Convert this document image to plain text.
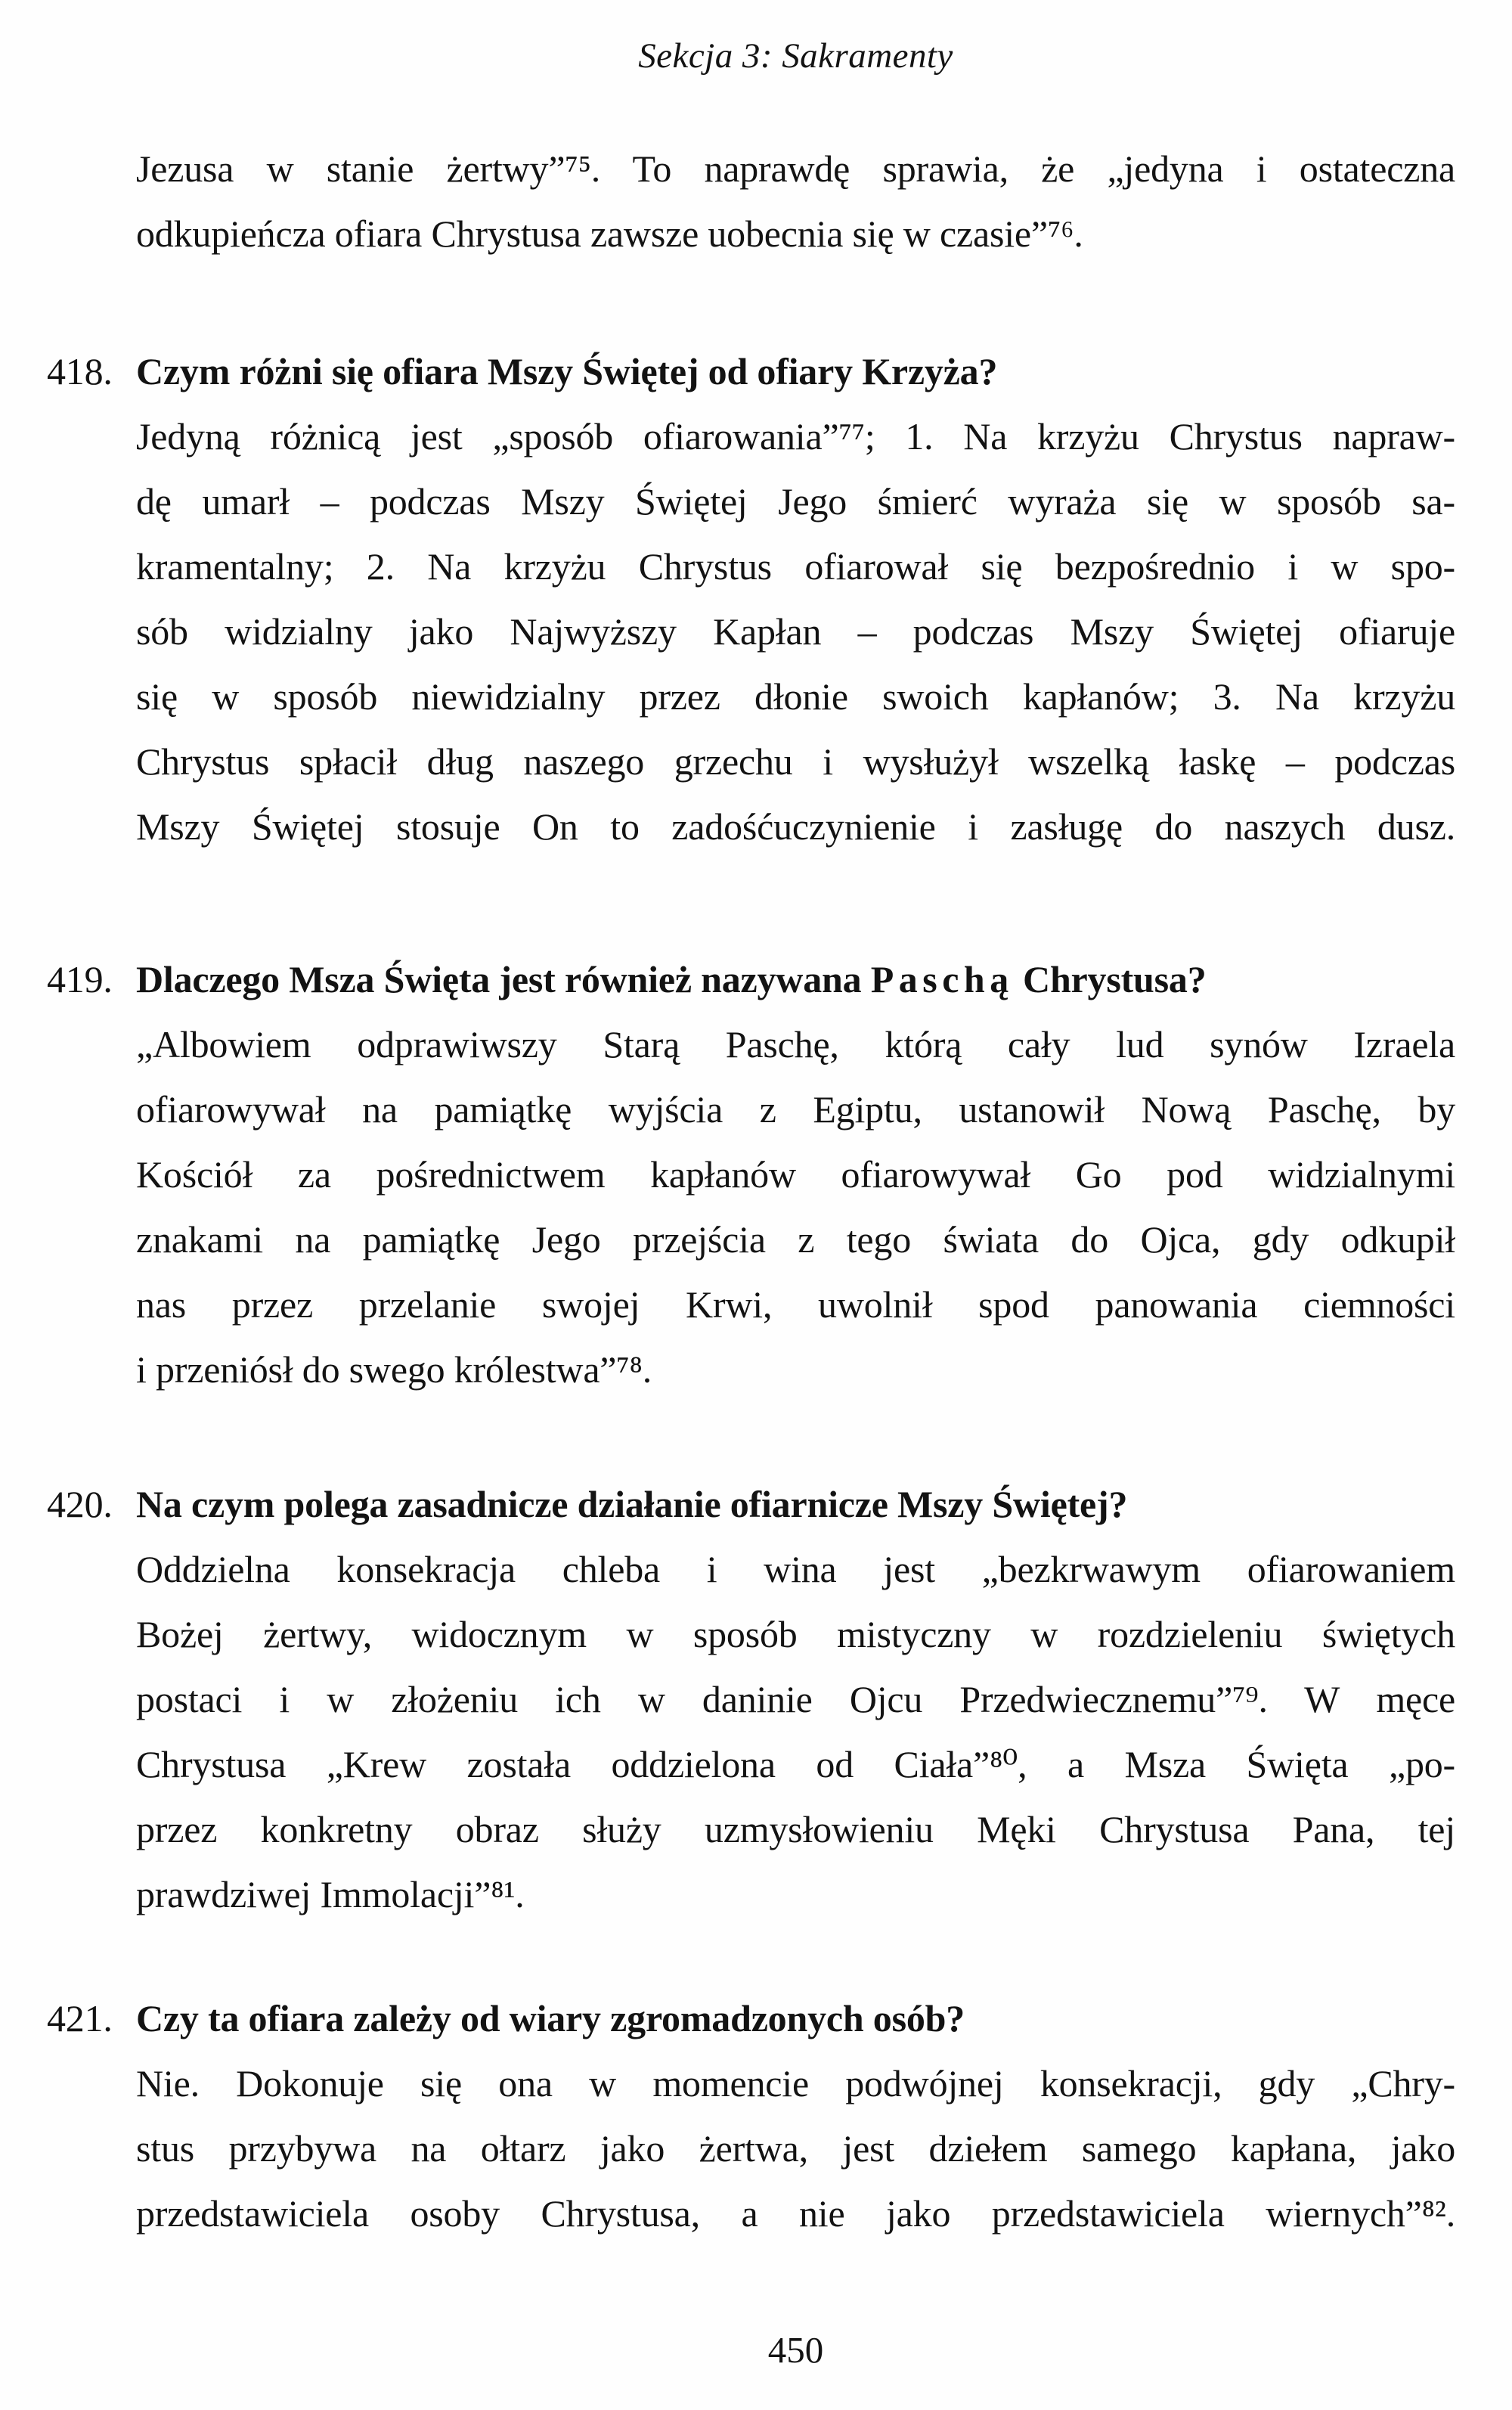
Sekcja 3: Sakramenty
Jezusa w stanie żertwy”⁷⁵. To naprawdę sprawia, że „jedyna i ostateczna
odkupieńcza ofiara Chrystusa zawsze uobecnia się w czasie”⁷⁶.
418. Czym różni się ofiara Mszy Świętej od ofiary Krzyża?
Jedyną różnicą jest „sposób ofiarowania”⁷⁷; 1. Na krzyżu Chrystus napraw-
dę umarł – podczas Mszy Świętej Jego śmierć wyraża się w sposób sa-
kramentalny; 2. Na krzyżu Chrystus ofiarował się bezpośrednio i w spo-
sób widzialny jako Najwyższy Kapłan – podczas Mszy Świętej ofiaruje
się w sposób niewidzialny przez dłonie swoich kapłanów; 3. Na krzyżu
Chrystus spłacił dług naszego grzechu i wysłużył wszelką łaskę – podczas
Mszy Świętej stosuje On to zadośćuczynienie i zasługę do naszych dusz.
419. Dlaczego Msza Święta jest również nazywana Paschą Chrystusa?
„Albowiem odprawiwszy Starą Paschę, którą cały lud synów Izraela
ofiarowywał na pamiątkę wyjścia z Egiptu, ustanowił Nową Paschę, by
Kościół za pośrednictwem kapłanów ofiarowywał Go pod widzialnymi
znakami na pamiątkę Jego przejścia z tego świata do Ojca, gdy odkupił
nas przez przelanie swojej Krwi, uwolnił spod panowania ciemności
i przeniósł do swego królestwa”⁷⁸.
420. Na czym polega zasadnicze działanie ofiarnicze Mszy Świętej?
Oddzielna konsekracja chleba i wina jest „bezkrwawym ofiarowaniem
Bożej żertwy, widocznym w sposób mistyczny w rozdzieleniu świętych
postaci i w złożeniu ich w daninie Ojcu Przedwiecznemu”⁷⁹. W męce
Chrystusa „Krew została oddzielona od Ciała”⁸⁰, a Msza Święta „po-
przez konkretny obraz służy uzmysłowieniu Męki Chrystusa Pana, tej
prawdziwej Immolacji”⁸¹.
421. Czy ta ofiara zależy od wiary zgromadzonych osób?
Nie. Dokonuje się ona w momencie podwójnej konsekracji, gdy „Chry-
stus przybywa na ołtarz jako żertwa, jest dziełem samego kapłana, jako
przedstawiciela osoby Chrystusa, a nie jako przedstawiciela wiernych”⁸².
450
